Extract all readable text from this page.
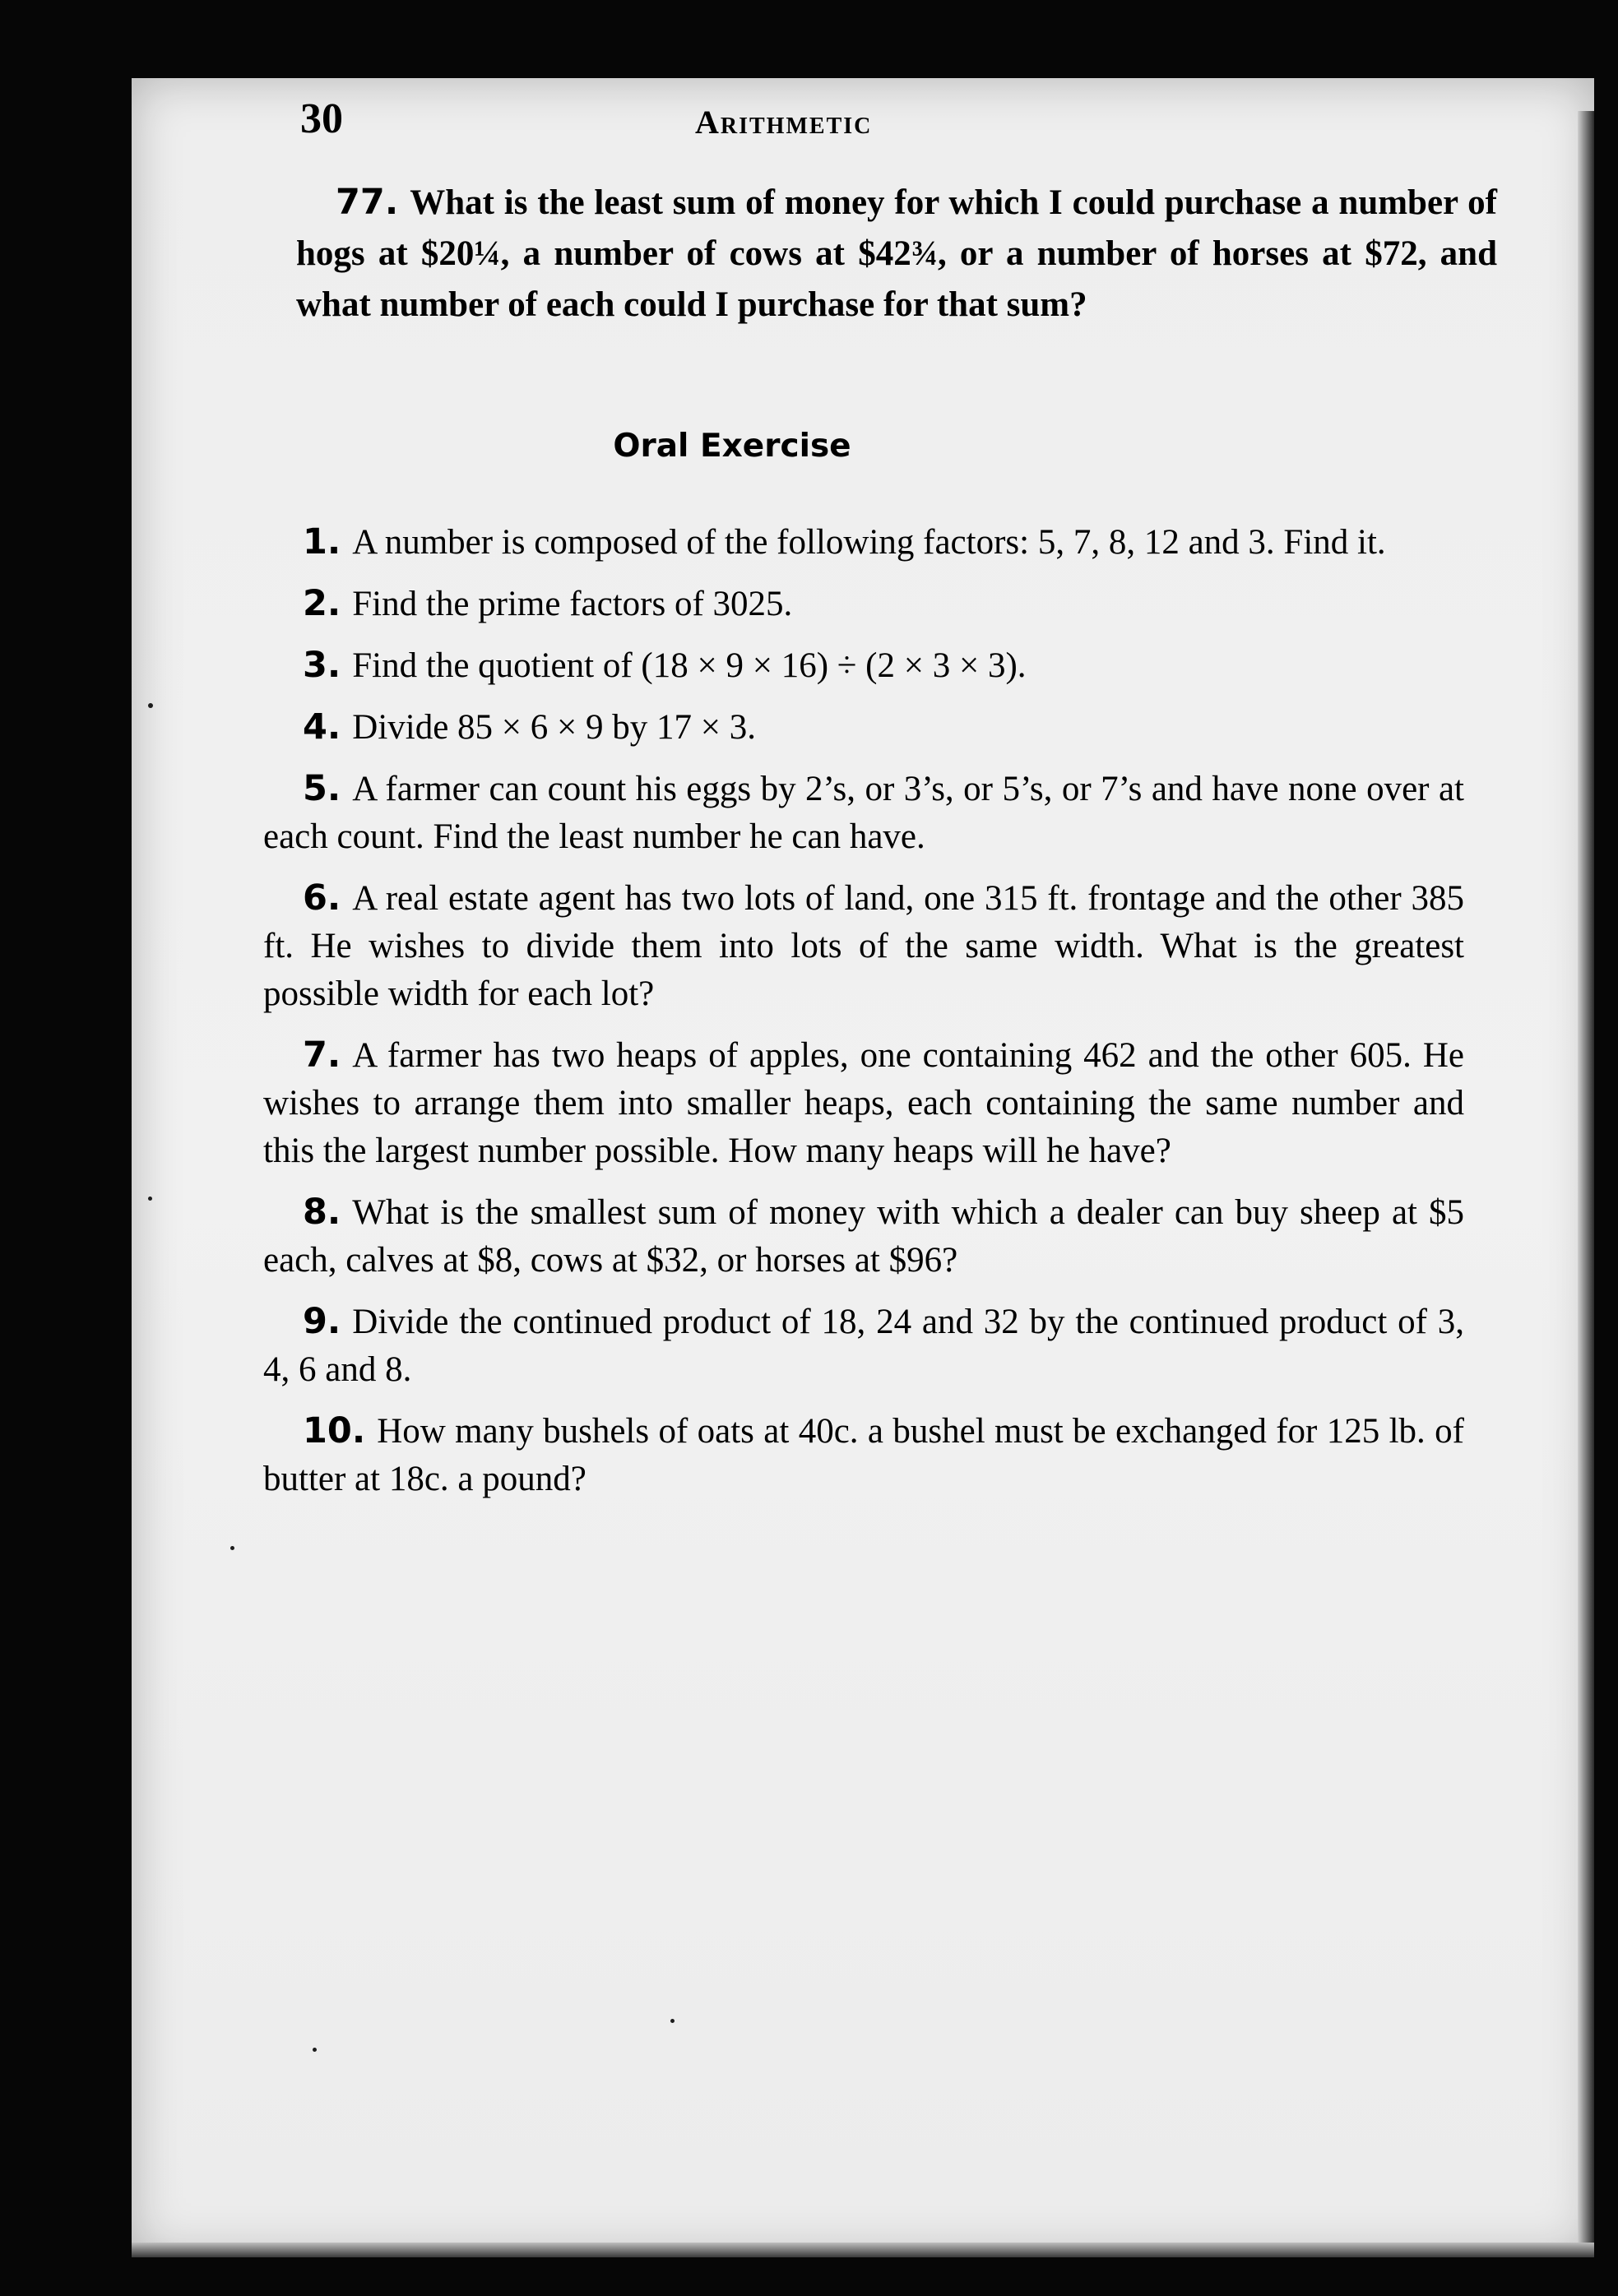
30	Arithmetic
77. What is the least sum of money for which I could purchase a number of hogs at $20¼, a number of cows at $42¾, or a number of horses at $72, and what number of each could I purchase for that sum?
Oral Exercise
1. A number is composed of the following factors: 5, 7, 8, 12 and 3. Find it.
2. Find the prime factors of 3025.
3. Find the quotient of (18 × 9 × 16) ÷ (2 × 3 × 3).
4. Divide 85 × 6 × 9 by 17 × 3.
5. A farmer can count his eggs by 2’s, or 3’s, or 5’s, or 7’s and have none over at each count. Find the least number he can have.
6. A real estate agent has two lots of land, one 315 ft. frontage and the other 385 ft. He wishes to divide them into lots of the same width. What is the greatest possible width for each lot?
7. A farmer has two heaps of apples, one containing 462 and the other 605. He wishes to arrange them into smaller heaps, each containing the same number and this the largest number possible. How many heaps will he have?
8. What is the smallest sum of money with which a dealer can buy sheep at $5 each, calves at $8, cows at $32, or horses at $96?
9. Divide the continued product of 18, 24 and 32 by the continued product of 3, 4, 6 and 8.
10. How many bushels of oats at 40c. a bushel must be exchanged for 125 lb. of butter at 18c. a pound?
